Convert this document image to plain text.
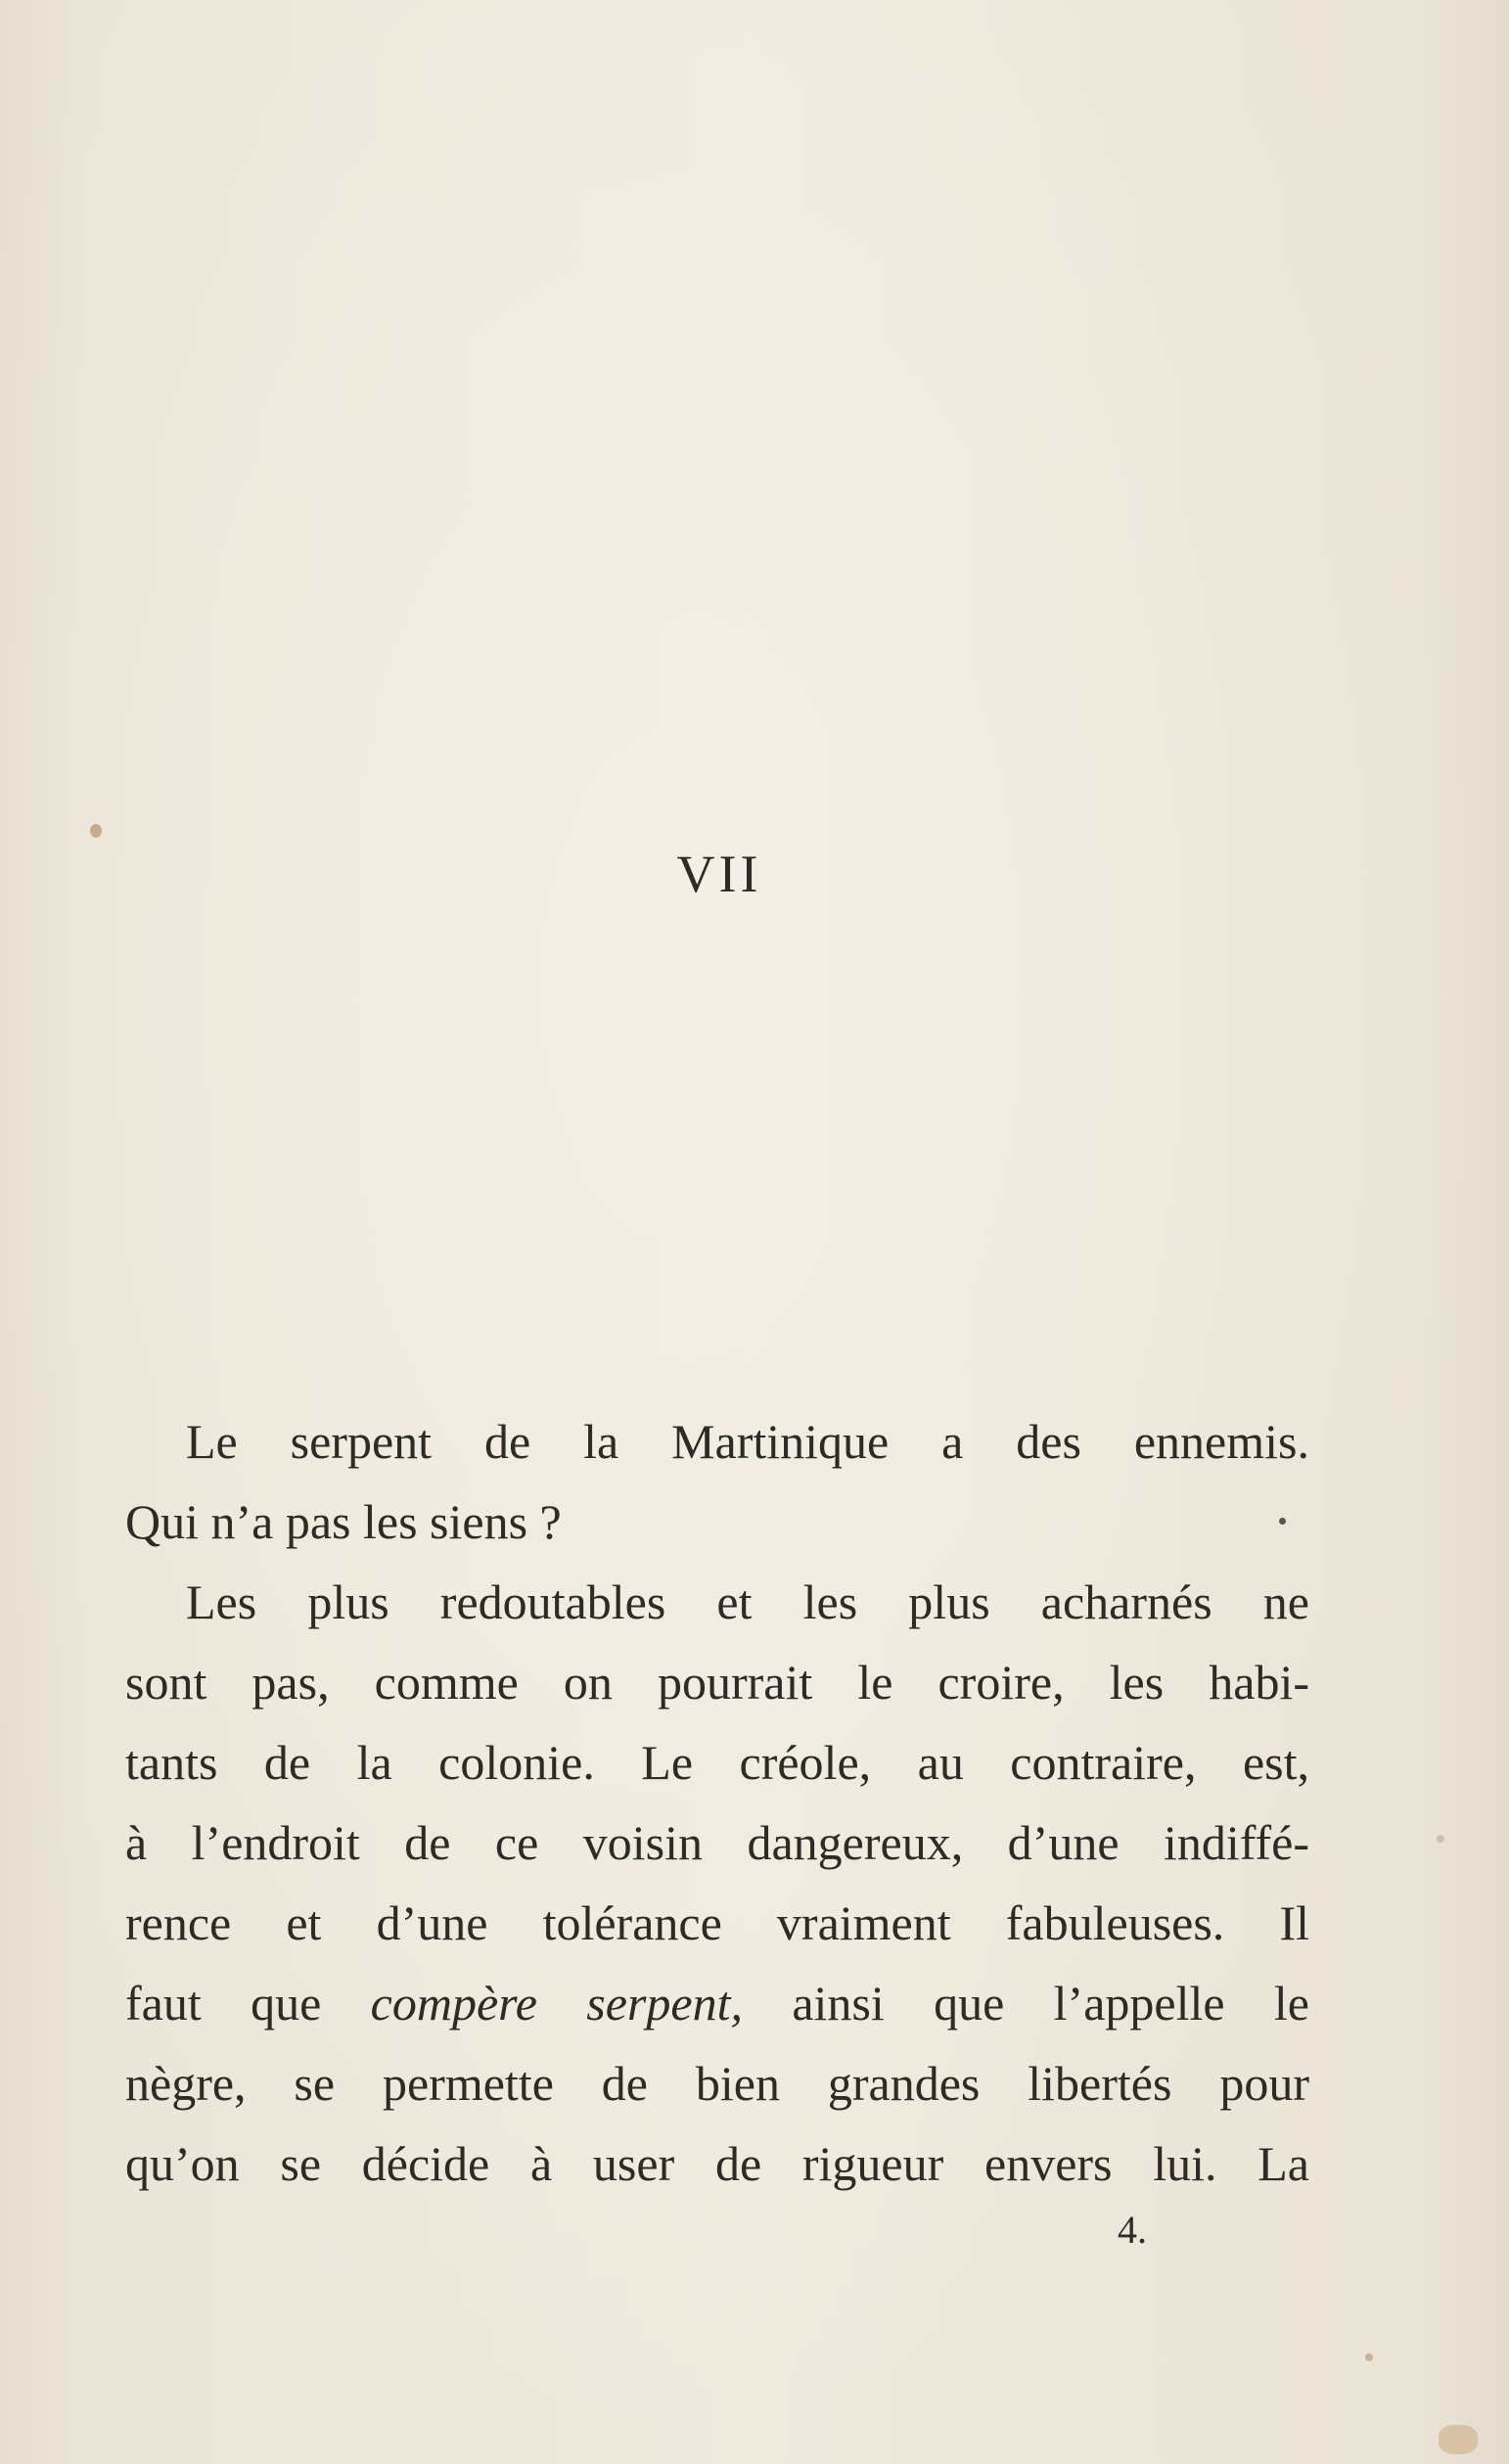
VII
Le serpent de la Martinique a des ennemis.
Qui n’a pas les siens ?
Les plus redoutables et les plus acharnés ne
sont pas, comme on pourrait le croire, les habi-
tants de la colonie. Le créole, au contraire, est,
à l’endroit de ce voisin dangereux, d’une indiffé-
rence et d’une tolérance vraiment fabuleuses. Il
faut que compère serpent, ainsi que l’appelle le
nègre, se permette de bien grandes libertés pour
qu’on se décide à user de rigueur envers lui. La

4.
